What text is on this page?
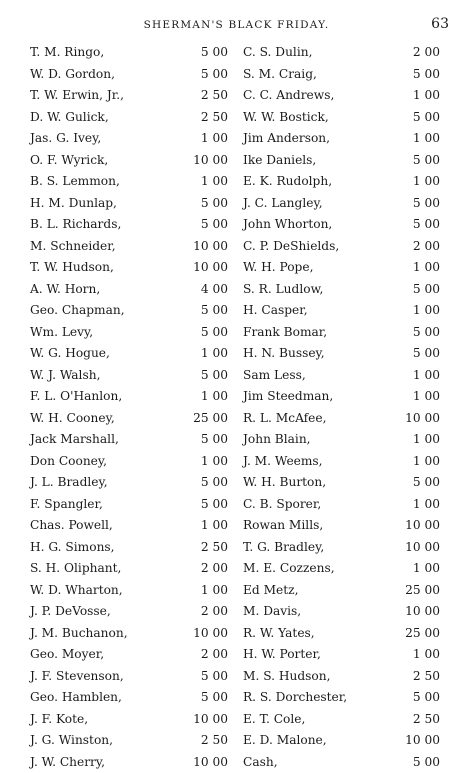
SHERMAN'S BLACK FRIDAY.	63
T. M. Ringo,	5 00 C. S. Dulin,	2 00
W. D. Gordon,	5 00 S. M. Craig,	5 00
T. W. Erwin, Jr.,	2 50 C. C. Andrews,	1 00
D. W. Gulick,	2 50 W. W. Bostick,	5 00
Jas. G. Ivey,	1 00 Jim Anderson,	1 00
O. F. Wyrick,	10 00 Ike Daniels,	5 00
B. S. Lemmon,	1 00 E. K. Rudolph,	1 00
H. M. Dunlap,	5 00 J. C. Langley,	5 00
B. L. Richards,	5 00 John Whorton,	5 00
M. Schneider,	10 00 C. P. DeShields,	2 00
T. W. Hudson,	10 00 W. H. Pope,	1 00
A. W. Horn,	4 00 S. R. Ludlow,	5 00
Geo. Chapman,	5 00 H. Casper,	1 00
Wm. Levy,	5 00 Frank Bomar,	5 00
W. G. Hogue,	1 00 H. N. Bussey,	5 00
W. J. Walsh,	5 00 Sam Less,	1 00
F. L. O'Hanlon,	1 00 Jim Steedman,	1 00
W. H. Cooney,	25 00 R. L. McAfee,	10 00
Jack Marshall,	5 00 John Blain,	1 00
Don Cooney,	1 00 J. M. Weems,	1 00
J. L. Bradley,	5 00 W. H. Burton,	5 00
F. Spangler,	5 00 C. B. Sporer,	1 00
Chas. Powell,	1 00 Rowan Mills,	10 00
H. G. Simons,	2 50 T. G. Bradley,	10 00
S. H. Oliphant,	2 00 M. E. Cozzens,	1 00
W. D. Wharton,	1 00 Ed Metz,	25 00
J. P. DeVosse,	2 00 M. Davis,	10 00
J. M. Buchanon,	10 00 R. W. Yates,	25 00
Geo. Moyer,	2 00 H. W. Porter,	1 00
J. F. Stevenson,	5 00 M. S. Hudson,	2 50
Geo. Hamblen,	5 00 R. S. Dorchester,	5 00
J. F. Kote,	10 00 E. T. Cole,	2 50
J. G. Winston,	2 50 E. D. Malone,	10 00
J. W. Cherry,	10 00 Cash,	5 00
